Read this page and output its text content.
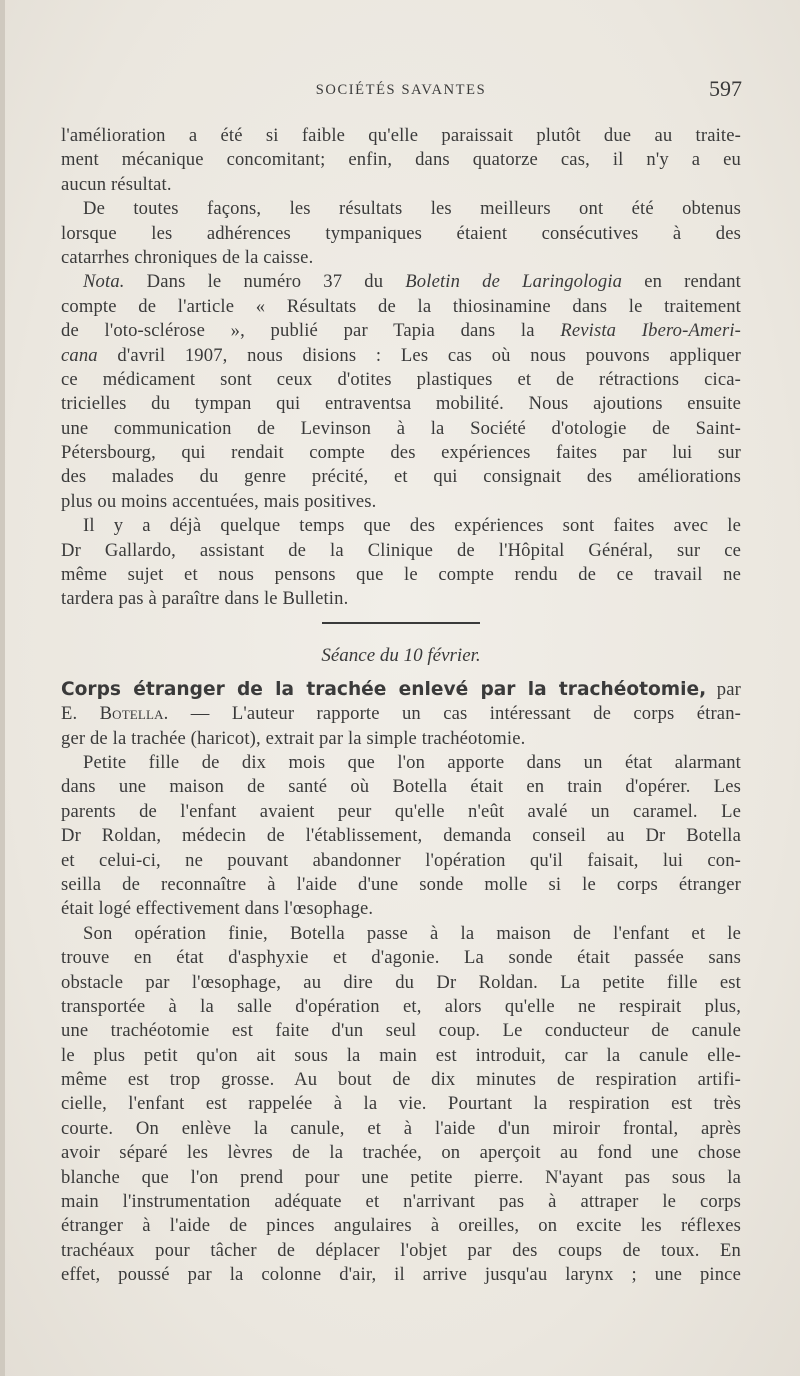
SOCIÉTÉS SAVANTES	597
l'amélioration a été si faible qu'elle paraissait plutôt due au traite-
ment mécanique concomitant; enfin, dans quatorze cas, il n'y a eu
aucun résultat.
De toutes façons, les résultats les meilleurs ont été obtenus
lorsque les adhérences tympaniques étaient consécutives à des
catarrhes chroniques de la caisse.
Nota. Dans le numéro 37 du Boletin de Laringologia en rendant
compte de l'article « Résultats de la thiosinamine dans le traitement
de l'oto-sclérose », publié par Tapia dans la Revista Ibero-Ameri-
cana d'avril 1907, nous disions : Les cas où nous pouvons appliquer
ce médicament sont ceux d'otites plastiques et de rétractions cica-
tricielles du tympan qui entraventsa mobilité. Nous ajoutions ensuite
une communication de Levinson à la Société d'otologie de Saint-
Pétersbourg, qui rendait compte des expériences faites par lui sur
des malades du genre précité, et qui consignait des améliorations
plus ou moins accentuées, mais positives.
Il y a déjà quelque temps que des expériences sont faites avec le
Dr Gallardo, assistant de la Clinique de l'Hôpital Général, sur ce
même sujet et nous pensons que le compte rendu de ce travail ne
tardera pas à paraître dans le Bulletin.
Séance du 10 février.
Corps étranger de la trachée enlevé par la trachéotomie, par
E. Botella. — L'auteur rapporte un cas intéressant de corps étran-
ger de la trachée (haricot), extrait par la simple trachéotomie.
Petite fille de dix mois que l'on apporte dans un état alarmant
dans une maison de santé où Botella était en train d'opérer. Les
parents de l'enfant avaient peur qu'elle n'eût avalé un caramel. Le
Dr Roldan, médecin de l'établissement, demanda conseil au Dr Botella
et celui-ci, ne pouvant abandonner l'opération qu'il faisait, lui con-
seilla de reconnaître à l'aide d'une sonde molle si le corps étranger
était logé effectivement dans l'œsophage.
Son opération finie, Botella passe à la maison de l'enfant et le
trouve en état d'asphyxie et d'agonie. La sonde était passée sans
obstacle par l'œsophage, au dire du Dr Roldan. La petite fille est
transportée à la salle d'opération et, alors qu'elle ne respirait plus,
une trachéotomie est faite d'un seul coup. Le conducteur de canule
le plus petit qu'on ait sous la main est introduit, car la canule elle-
même est trop grosse. Au bout de dix minutes de respiration artifi-
cielle, l'enfant est rappelée à la vie. Pourtant la respiration est très
courte. On enlève la canule, et à l'aide d'un miroir frontal, après
avoir séparé les lèvres de la trachée, on aperçoit au fond une chose
blanche que l'on prend pour une petite pierre. N'ayant pas sous la
main l'instrumentation adéquate et n'arrivant pas à attraper le corps
étranger à l'aide de pinces angulaires à oreilles, on excite les réflexes
trachéaux pour tâcher de déplacer l'objet par des coups de toux. En
effet, poussé par la colonne d'air, il arrive jusqu'au larynx ; une pince
